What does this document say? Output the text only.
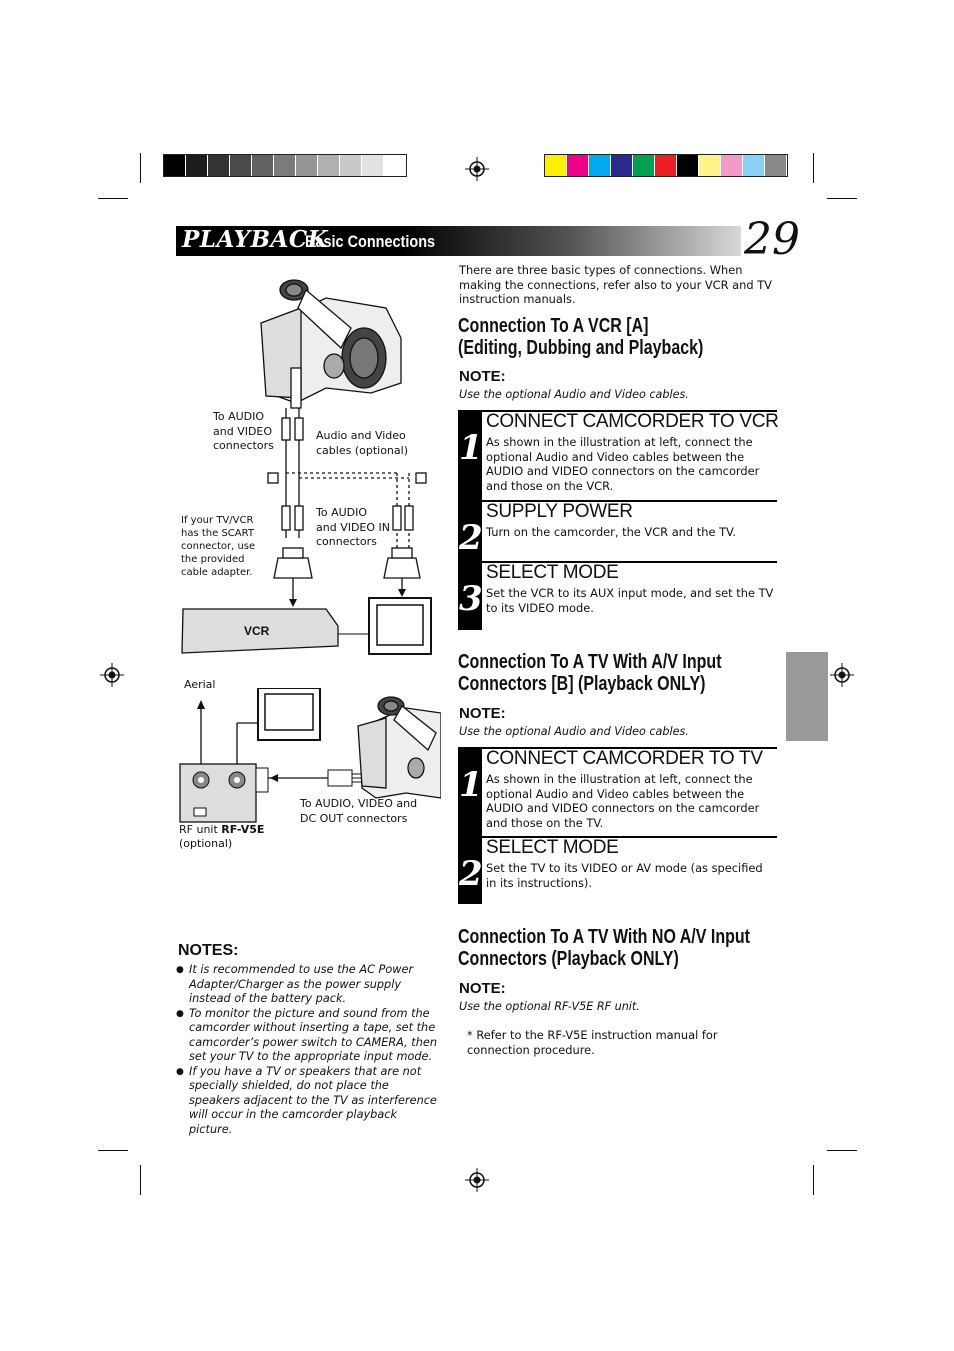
PLAYBACK
Basic Connections	29
There are three basic types of connections. When making the connections, refer also to your VCR and TV instruction manuals.
Connection To A VCR [A]
(Editing, Dubbing and Playback)
NOTE:
Use the optional Audio and Video cables.
1
CONNECT CAMCORDER TO VCR
As shown in the illustration at left, connect the optional Audio and Video cables between the AUDIO and VIDEO connectors on the camcorder and those on the VCR.
2
SUPPLY POWER
Turn on the camcorder, the VCR and the TV.
3
SELECT MODE
Set the VCR to its AUX input mode, and set the TV to its VIDEO mode.
Connection To A TV With A/V Input
Connectors [B] (Playback ONLY)
NOTE:
Use the optional Audio and Video cables.
1
CONNECT CAMCORDER TO TV
As shown in the illustration at left, connect the optional Audio and Video cables between the AUDIO and VIDEO connectors on the camcorder and those on the TV.
2
SELECT MODE
Set the TV to its VIDEO or AV mode (as specified in its instructions).
Connection To A TV With NO A/V Input
Connectors (Playback ONLY)
NOTE:
Use the optional RF-V5E RF unit.
* Refer to the RF-V5E instruction manual for connection procedure.
To AUDIO and VIDEO connectors
Audio and Video cables (optional)
To AUDIO and VIDEO IN connectors
If your TV/VCR has the SCART connector, use the provided cable adapter.
VCR
Aerial
To AUDIO, VIDEO and DC OUT connectors
RF unit RF-V5E
(optional)
NOTES:
● It is recommended to use the AC Power Adapter/Charger as the power supply instead of the battery pack.
● To monitor the picture and sound from the camcorder without inserting a tape, set the camcorder’s power switch to CAMERA, then set your TV to the appropriate input mode.
● If you have a TV or speakers that are not specially shielded, do not place the speakers adjacent to the TV as interference will occur in the camcorder playback picture.
